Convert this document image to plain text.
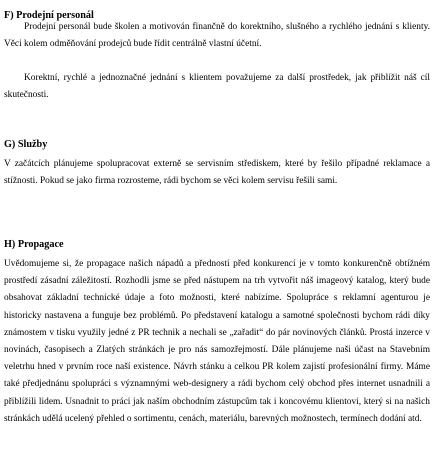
F) Prodejní personál

Prodejní personál bude školen a motivován finančně do korektního, slušného a rychlého jednání s klienty. Věci kolem odměňování prodejců bude řídit centrálně vlastní účetní.

Korektní, rychlé a jednoznačné jednání s klientem považujeme za další prostředek, jak přiblížit náš cíl skutečnosti.

G) Služby

V začátcích plánujeme spolupracovat externě se servisním střediskem, které by řešilo případné reklamace a stížnosti. Pokud se jako firma rozrosteme, rádi bychom se věci kolem servisu řešili sami.

H) Propagace

Uvědomujeme si, že propagace našich nápadů a předností před konkurencí je v tomto konkurenčně obtížném prostředí zásadní záležitostí. Rozhodli jsme se před nástupem na trh vytvořit náš imageový katalog, který bude obsahovat základní technické údaje a foto možnosti, které nabízíme. Spolupráce s reklamní agenturou je historicky nastavena a funguje bez problémů. Po představení katalogu a samotné společnosti bychom rádi díky známostem v tisku využily jedné z PR technik a nechali se „zařadit“ do pár novinových článků. Prostá inzerce v novinách, časopisech a Zlatých stránkách je pro nás samozřejmostí. Dále plánujeme naši účast na Stavebním veletrhu hned v prvním roce naší existence. Návrh stánku a celkou PR kolem zajistí profesionální firmy. Máme také předjednánu spolupráci s významnými web-designery a rádi bychom celý obchod přes internet usnadnili a přiblížili lidem. Usnadnit to práci jak naším obchodním zástupcům tak i koncovému klientovi, který si na našich stránkách udělá ucelený přehled o sortimentu, cenách, materiálu, barevných možnostech, termínech dodání atd.
